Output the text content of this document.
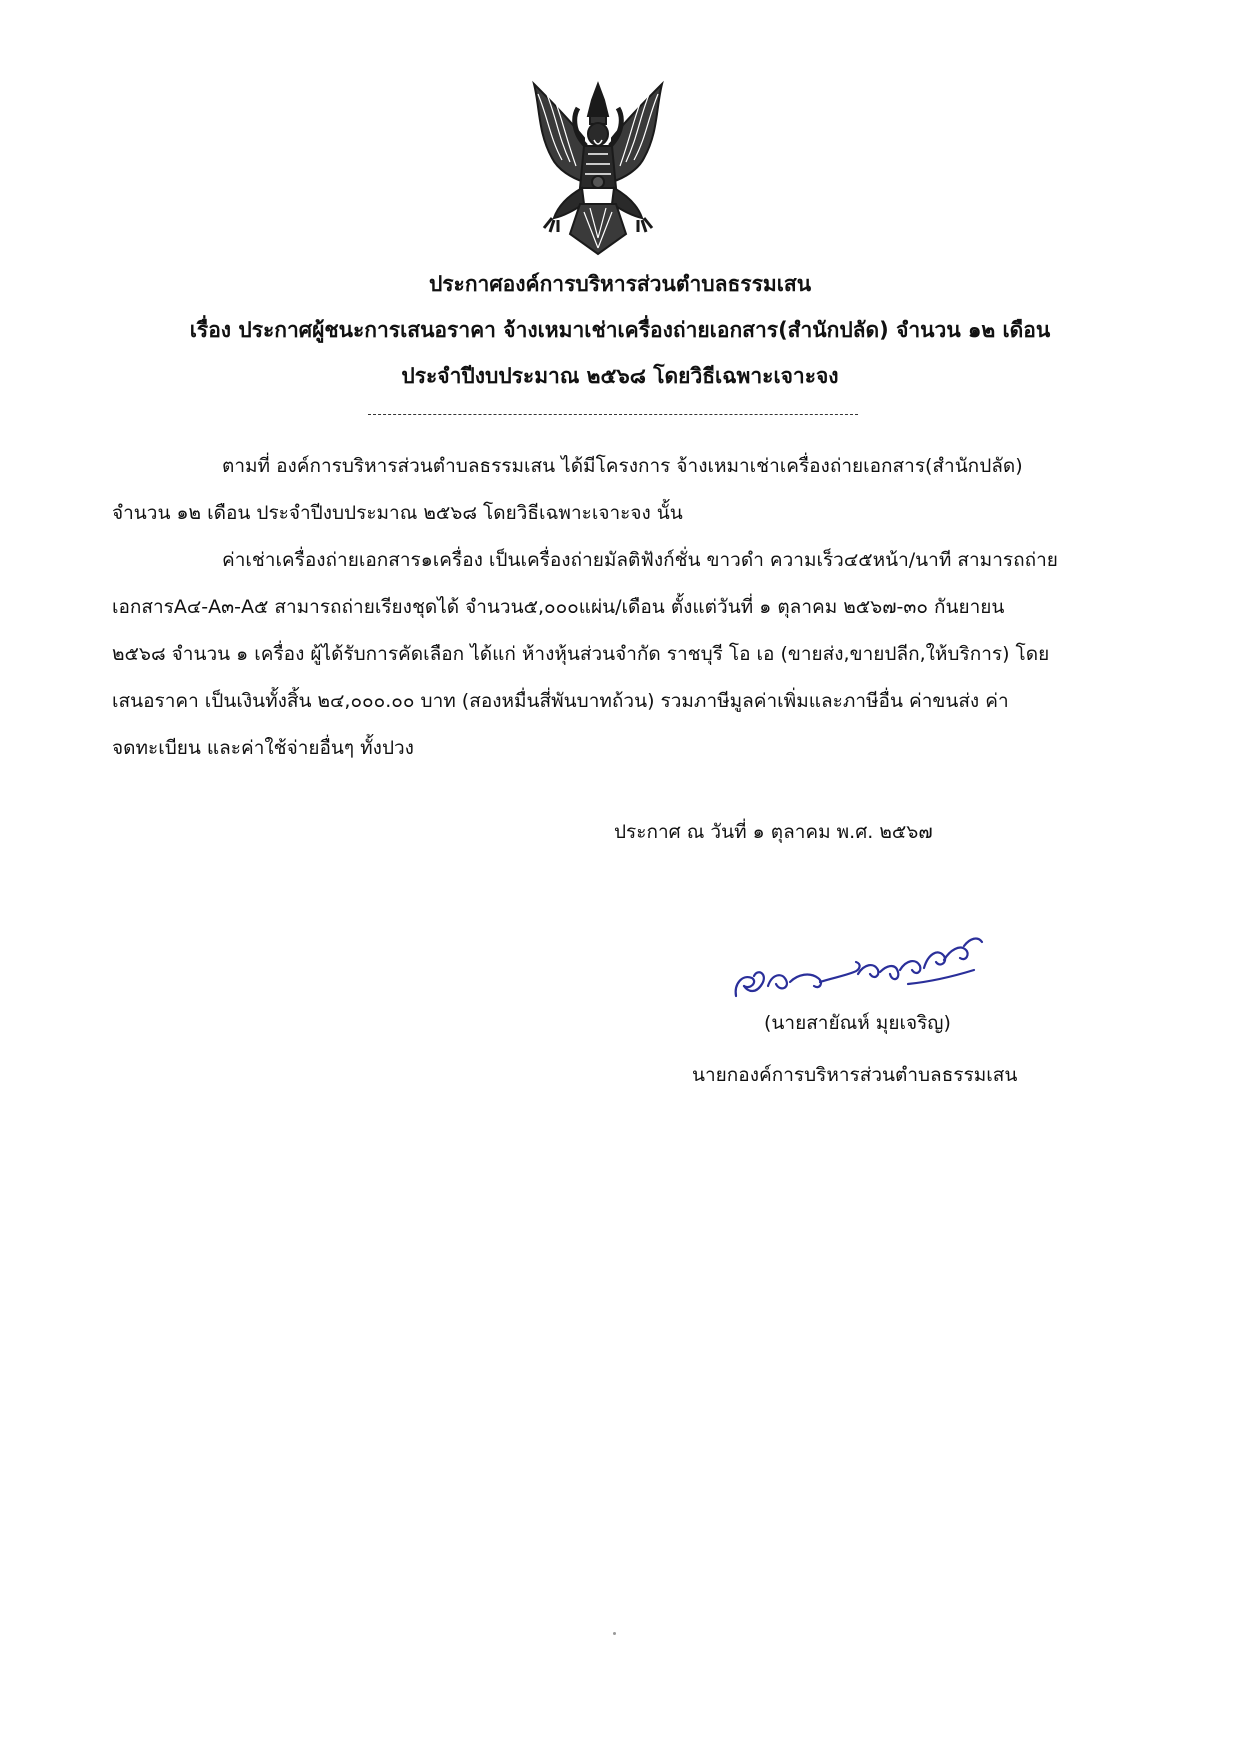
ประกาศองค์การบริหารส่วนตำบลธรรมเสน
เรื่อง ประกาศผู้ชนะการเสนอราคา จ้างเหมาเช่าเครื่องถ่ายเอกสาร(สำนักปลัด) จำนวน ๑๒ เดือน
ประจำปีงบประมาณ ๒๕๖๘ โดยวิธีเฉพาะเจาะจง
ตามที่ องค์การบริหารส่วนตำบลธรรมเสน ได้มีโครงการ จ้างเหมาเช่าเครื่องถ่ายเอกสาร(สำนักปลัด)
จำนวน ๑๒ เดือน ประจำปีงบประมาณ ๒๕๖๘ โดยวิธีเฉพาะเจาะจง นั้น
ค่าเช่าเครื่องถ่ายเอกสาร๑เครื่อง เป็นเครื่องถ่ายมัลติฟังก์ชั่น ขาวดำ ความเร็ว๔๕หน้า/นาที สามารถถ่าย
เอกสารA๔-A๓-A๕ สามารถถ่ายเรียงชุดได้ จำนวน๕,๐๐๐แผ่น/เดือน ตั้งแต่วันที่ ๑ ตุลาคม ๒๕๖๗-๓๐ กันยายน
๒๕๖๘ จำนวน ๑ เครื่อง ผู้ได้รับการคัดเลือก ได้แก่ ห้างหุ้นส่วนจำกัด ราชบุรี โอ เอ (ขายส่ง,ขายปลีก,ให้บริการ) โดย
เสนอราคา เป็นเงินทั้งสิ้น ๒๔,๐๐๐.๐๐ บาท (สองหมื่นสี่พันบาทถ้วน) รวมภาษีมูลค่าเพิ่มและภาษีอื่น ค่าขนส่ง ค่า
จดทะเบียน และค่าใช้จ่ายอื่นๆ ทั้งปวง
ประกาศ ณ วันที่ ๑ ตุลาคม พ.ศ. ๒๕๖๗
(นายสายัณห์ มุยเจริญ)
นายกองค์การบริหารส่วนตำบลธรรมเสน
